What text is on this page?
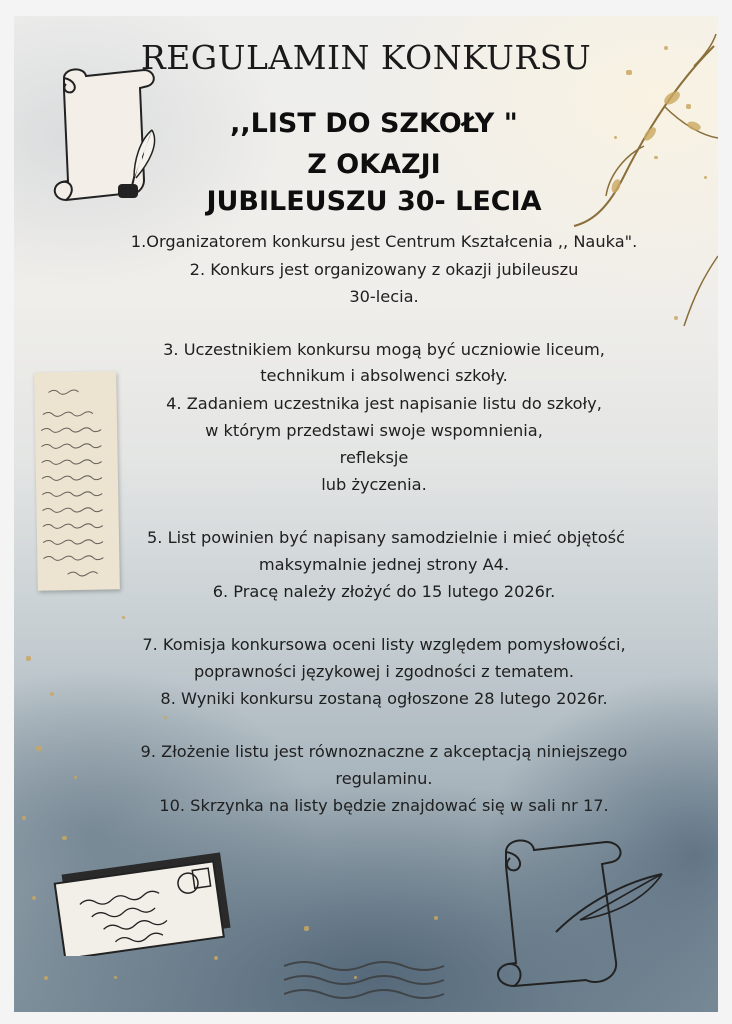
REGULAMIN KONKURSU
,,LIST DO SZKOŁY "
Z OKAZJI
JUBILEUSZU 30- LECIA

1.Organizatorem konkursu jest Centrum Kształcenia ,, Nauka".

2. Konkurs jest organizowany z okazji jubileuszu

30-lecia.

3. Uczestnikiem konkursu mogą być uczniowie liceum,

technikum i absolwenci szkoły.

4. Zadaniem uczestnika jest napisanie listu do szkoły,

w którym przedstawi swoje wspomnienia,

refleksje

lub życzenia.

5. List powinien być napisany samodzielnie i mieć objętość

maksymalnie jednej strony A4.

6. Pracę należy złożyć do 15 lutego 2026r.

7. Komisja konkursowa oceni listy względem pomysłowości,

poprawności językowej i zgodności z tematem.

8. Wyniki konkursu zostaną ogłoszone 28 lutego 2026r.

9. Złożenie listu jest równoznaczne z akceptacją niniejszego

regulaminu.

10. Skrzynka na listy będzie znajdować się w sali nr 17.
